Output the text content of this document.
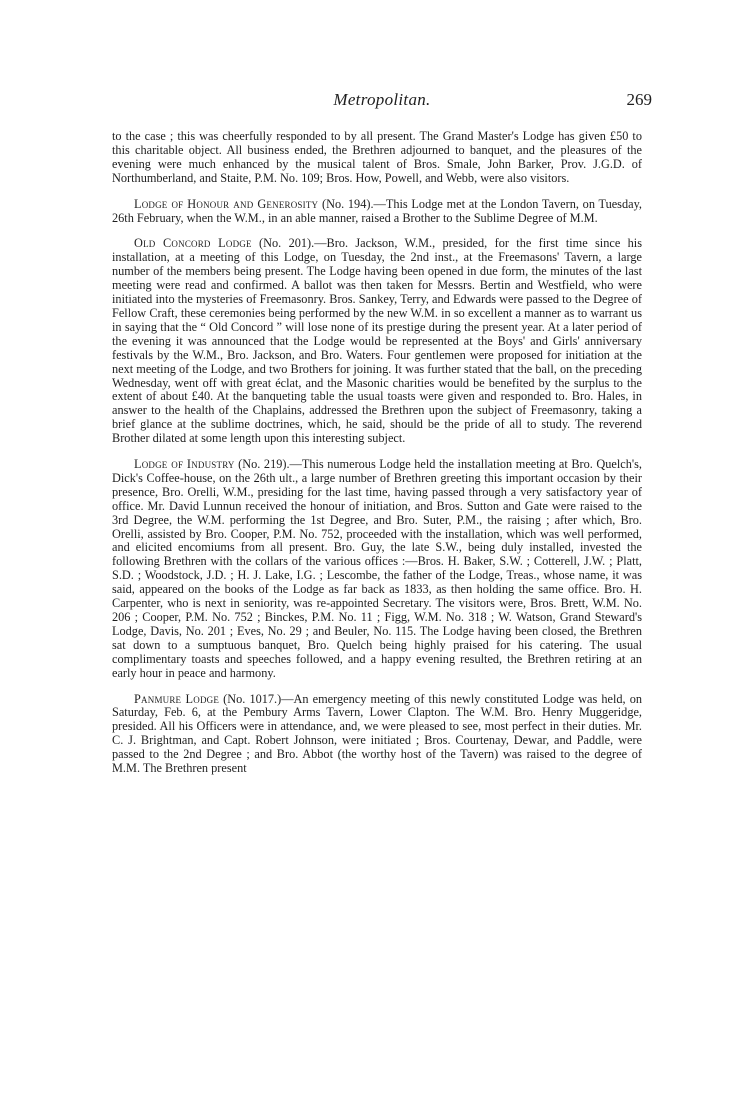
Metropolitan.	269

to the case ; this was cheerfully responded to by all present. The Grand Master's Lodge has given £50 to this charitable object. All business ended, the Brethren adjourned to banquet, and the pleasures of the evening were much enhanced by the musical talent of Bros. Smale, John Barker, Prov. J.G.D. of Northumberland, and Staite, P.M. No. 109; Bros. How, Powell, and Webb, were also visitors.

Lodge of Honour and Generosity (No. 194).—This Lodge met at the London Tavern, on Tuesday, 26th February, when the W.M., in an able manner, raised a Brother to the Sublime Degree of M.M.

Old Concord Lodge (No. 201).—Bro. Jackson, W.M., presided, for the first time since his installation, at a meeting of this Lodge, on Tuesday, the 2nd inst., at the Freemasons' Tavern, a large number of the members being present. The Lodge having been opened in due form, the minutes of the last meeting were read and confirmed. A ballot was then taken for Messrs. Bertin and Westfield, who were initiated into the mysteries of Freemasonry. Bros. Sankey, Terry, and Edwards were passed to the Degree of Fellow Craft, these ceremonies being performed by the new W.M. in so excellent a manner as to warrant us in saying that the “ Old Concord ” will lose none of its prestige during the present year. At a later period of the evening it was announced that the Lodge would be represented at the Boys' and Girls' anniversary festivals by the W.M., Bro. Jackson, and Bro. Waters. Four gentlemen were proposed for initiation at the next meeting of the Lodge, and two Brothers for joining. It was further stated that the ball, on the preceding Wednesday, went off with great éclat, and the Masonic charities would be benefited by the surplus to the extent of about £40. At the banqueting table the usual toasts were given and responded to. Bro. Hales, in answer to the health of the Chaplains, addressed the Brethren upon the subject of Freemasonry, taking a brief glance at the sublime doctrines, which, he said, should be the pride of all to study. The reverend Brother dilated at some length upon this interesting subject.

Lodge of Industry (No. 219).—This numerous Lodge held the installation meeting at Bro. Quelch's, Dick's Coffee-house, on the 26th ult., a large number of Brethren greeting this important occasion by their presence, Bro. Orelli, W.M., presiding for the last time, having passed through a very satisfactory year of office. Mr. David Lunnun received the honour of initiation, and Bros. Sutton and Gate were raised to the 3rd Degree, the W.M. performing the 1st Degree, and Bro. Suter, P.M., the raising ; after which, Bro. Orelli, assisted by Bro. Cooper, P.M. No. 752, proceeded with the installation, which was well performed, and elicited encomiums from all present. Bro. Guy, the late S.W., being duly installed, invested the following Brethren with the collars of the various offices :—Bros. H. Baker, S.W. ; Cotterell, J.W. ; Platt, S.D. ; Woodstock, J.D. ; H. J. Lake, I.G. ; Lescombe, the father of the Lodge, Treas., whose name, it was said, appeared on the books of the Lodge as far back as 1833, as then holding the same office. Bro. H. Carpenter, who is next in seniority, was re-appointed Secretary. The visitors were, Bros. Brett, W.M. No. 206 ; Cooper, P.M. No. 752 ; Binckes, P.M. No. 11 ; Figg, W.M. No. 318 ; W. Watson, Grand Steward's Lodge, Davis, No. 201 ; Eves, No. 29 ; and Beuler, No. 115. The Lodge having been closed, the Brethren sat down to a sumptuous banquet, Bro. Quelch being highly praised for his catering. The usual complimentary toasts and speeches followed, and a happy evening resulted, the Brethren retiring at an early hour in peace and harmony.

Panmure Lodge (No. 1017.)—An emergency meeting of this newly constituted Lodge was held, on Saturday, Feb. 6, at the Pembury Arms Tavern, Lower Clapton. The W.M. Bro. Henry Muggeridge, presided. All his Officers were in attendance, and, we were pleased to see, most perfect in their duties. Mr. C. J. Brightman, and Capt. Robert Johnson, were initiated ; Bros. Courtenay, Dewar, and Paddle, were passed to the 2nd Degree ; and Bro. Abbot (the worthy host of the Tavern) was raised to the degree of M.M. The Brethren present
